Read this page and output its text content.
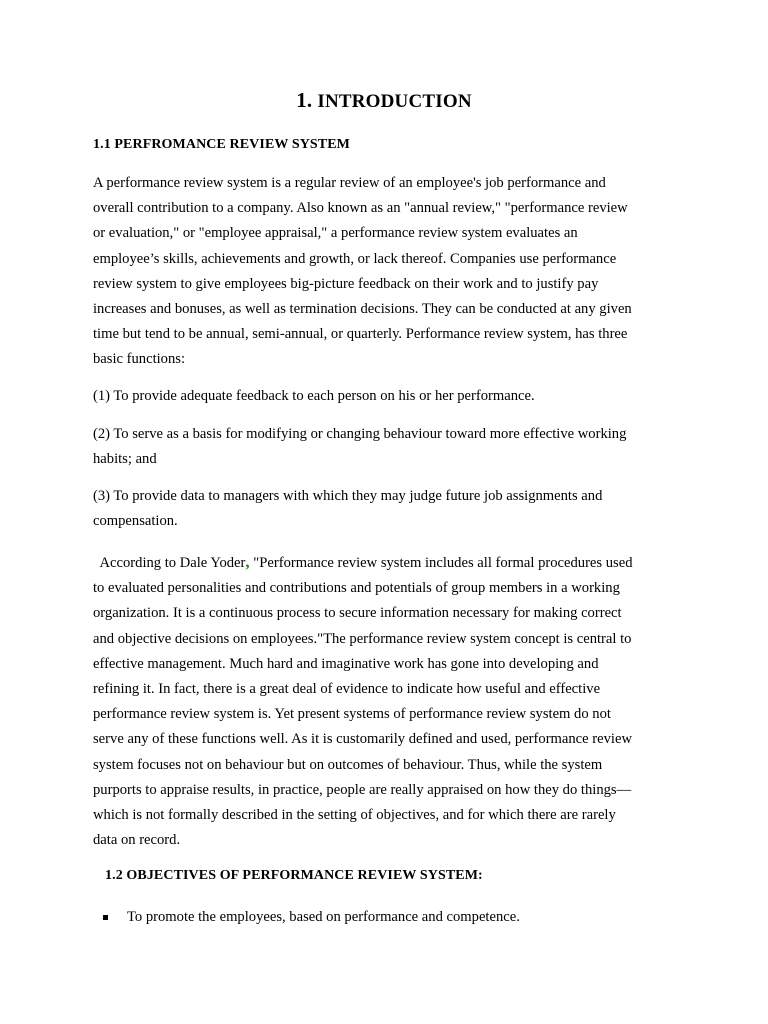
1. INTRODUCTION
1.1 PERFROMANCE REVIEW SYSTEM

A performance review system is a regular review of an employee's job performance and
overall contribution to a company. Also known as an "annual review," "performance review
or evaluation," or "employee appraisal," a performance review system evaluates an
employee’s skills, achievements and growth, or lack thereof. Companies use performance
review system to give employees big-picture feedback on their work and to justify pay
increases and bonuses, as well as termination decisions. They can be conducted at any given
time but tend to be annual, semi-annual, or quarterly. Performance review system, has three
basic functions:

(1) To provide adequate feedback to each person on his or her performance.

(2) To serve as a basis for modifying or changing behaviour toward more effective working
habits; and

(3) To provide data to managers with which they may judge future job assignments and
compensation.

According to Dale Yoder, "Performance review system includes all formal procedures used
to evaluated personalities and contributions and potentials of group members in a working
organization. It is a continuous process to secure information necessary for making correct
and objective decisions on employees."The performance review system concept is central to
effective management. Much hard and imaginative work has gone into developing and
refining it. In fact, there is a great deal of evidence to indicate how useful and effective
performance review system is. Yet present systems of performance review system do not
serve any of these functions well. As it is customarily defined and used, performance review
system focuses not on behaviour but on outcomes of behaviour. Thus, while the system
purports to appraise results, in practice, people are really appraised on how they do things—
which is not formally described in the setting of objectives, and for which there are rarely
data on record.

1.2 OBJECTIVES OF PERFORMANCE REVIEW SYSTEM:
To promote the employees, based on performance and competence.
